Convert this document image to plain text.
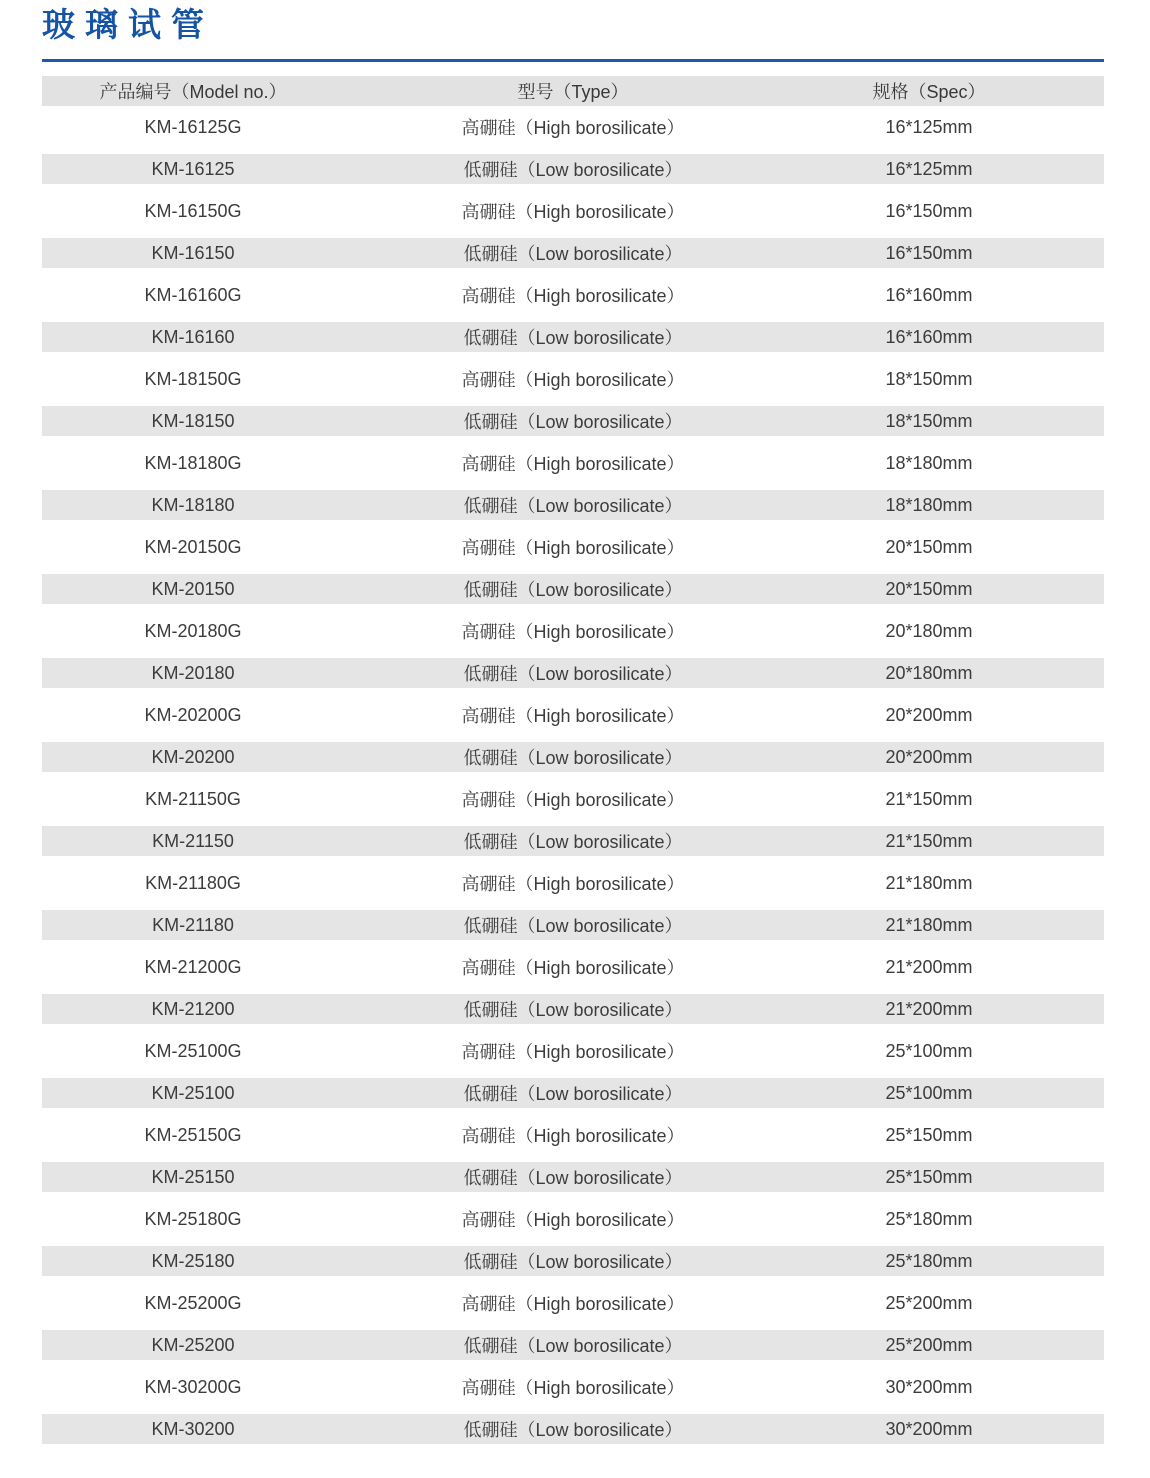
玻璃试管
产品编号（Model no.）	型号（Type）	规格（Spec）
KM-16125G	高硼硅（High borosilicate）	16*125mm
KM-16125	低硼硅（Low borosilicate）	16*125mm
KM-16150G	高硼硅（High borosilicate）	16*150mm
KM-16150	低硼硅（Low borosilicate）	16*150mm
KM-16160G	高硼硅（High borosilicate）	16*160mm
KM-16160	低硼硅（Low borosilicate）	16*160mm
KM-18150G	高硼硅（High borosilicate）	18*150mm
KM-18150	低硼硅（Low borosilicate）	18*150mm
KM-18180G	高硼硅（High borosilicate）	18*180mm
KM-18180	低硼硅（Low borosilicate）	18*180mm
KM-20150G	高硼硅（High borosilicate）	20*150mm
KM-20150	低硼硅（Low borosilicate）	20*150mm
KM-20180G	高硼硅（High borosilicate）	20*180mm
KM-20180	低硼硅（Low borosilicate）	20*180mm
KM-20200G	高硼硅（High borosilicate）	20*200mm
KM-20200	低硼硅（Low borosilicate）	20*200mm
KM-21150G	高硼硅（High borosilicate）	21*150mm
KM-21150	低硼硅（Low borosilicate）	21*150mm
KM-21180G	高硼硅（High borosilicate）	21*180mm
KM-21180	低硼硅（Low borosilicate）	21*180mm
KM-21200G	高硼硅（High borosilicate）	21*200mm
KM-21200	低硼硅（Low borosilicate）	21*200mm
KM-25100G	高硼硅（High borosilicate）	25*100mm
KM-25100	低硼硅（Low borosilicate）	25*100mm
KM-25150G	高硼硅（High borosilicate）	25*150mm
KM-25150	低硼硅（Low borosilicate）	25*150mm
KM-25180G	高硼硅（High borosilicate）	25*180mm
KM-25180	低硼硅（Low borosilicate）	25*180mm
KM-25200G	高硼硅（High borosilicate）	25*200mm
KM-25200	低硼硅（Low borosilicate）	25*200mm
KM-30200G	高硼硅（High borosilicate）	30*200mm
KM-30200	低硼硅（Low borosilicate）	30*200mm
